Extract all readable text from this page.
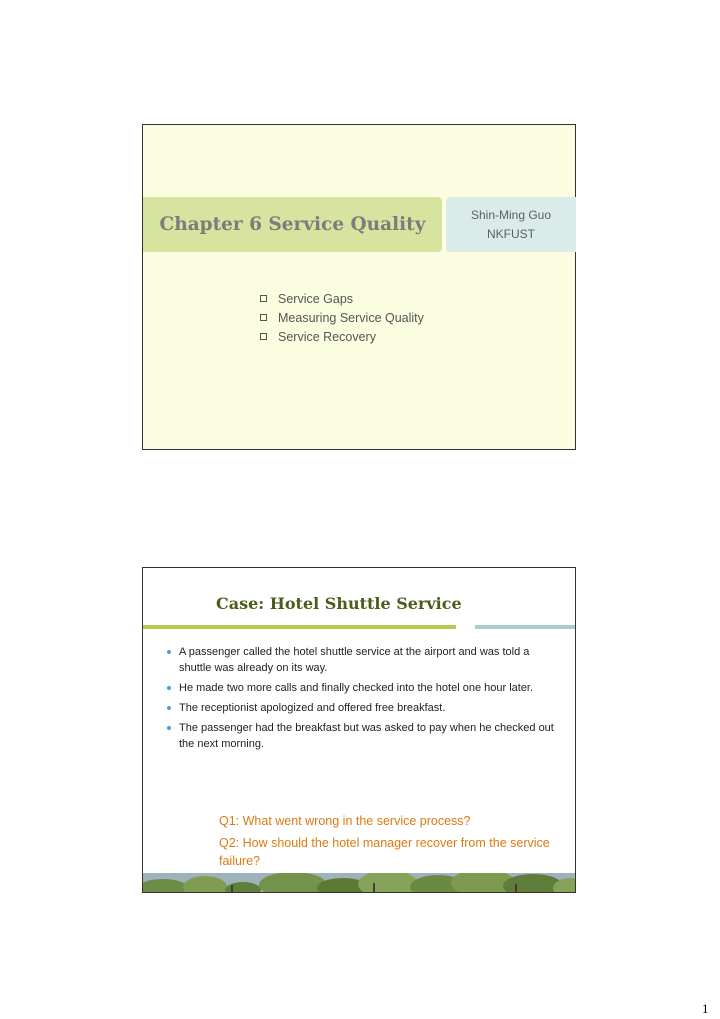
Chapter 6 Service Quality	Shin-Ming Guo
NKFUST
Service Gaps
Measuring Service Quality
Service Recovery
Case: Hotel Shuttle Service
A passenger called the hotel shuttle service at the airport and was told a shuttle was already on its way.
He made two more calls and finally checked into the hotel one hour later.
The receptionist apologized and offered free breakfast.
The passenger had the breakfast but was asked to pay when he checked out the next morning.
Q1: What went wrong in the service process?
Q2: How should the hotel manager recover from the service failure?
1
